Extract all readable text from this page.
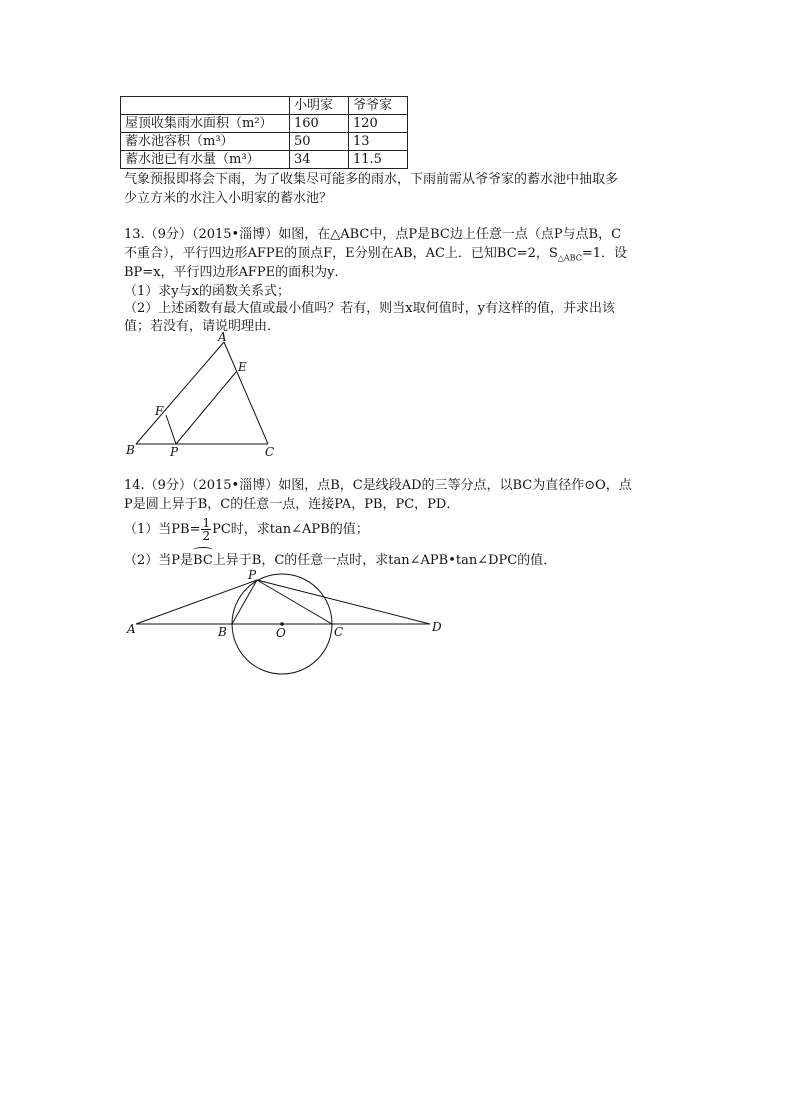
	小明家	爷爷家
屋顶收集雨水面积（m²）	160	120
蓄水池容积（m³）	50	13
蓄水池已有水量（m³）	34	11.5
气象预报即将会下雨，为了收集尽可能多的雨水，下雨前需从爷爷家的蓄水池中抽取多
少立方米的水注入小明家的蓄水池？
13.（9分）（2015•淄博）如图，在△ABC中，点P是BC边上任意一点（点P与点B，C
不重合），平行四边形AFPE的顶点F，E分别在AB，AC上．已知BC=2，$S_{\triangle ABC}=1$．设
BP=x，平行四边形AFPE的面积为y．
（1）求y与x的函数关系式；
（2）上述函数有最大值或最小值吗？若有，则当x取何值时，y有这样的值，并求出该
值；若没有，请说明理由．
A
E
F
B	P	C
14.（9分）（2015•淄博）如图，点B，C是线段AD的三等分点，以BC为直径作⊙O，点
P是圆上异于B，C的任意一点，连接PA，PB，PC，PD．
（1）当$PB= \frac{1}{2}$ PC时，求tan∠APB的值；
（2）当P是BC上异于B，C的任意一点时，求tan∠APB•tan∠DPC的值．
A	B	O	C	D
P
